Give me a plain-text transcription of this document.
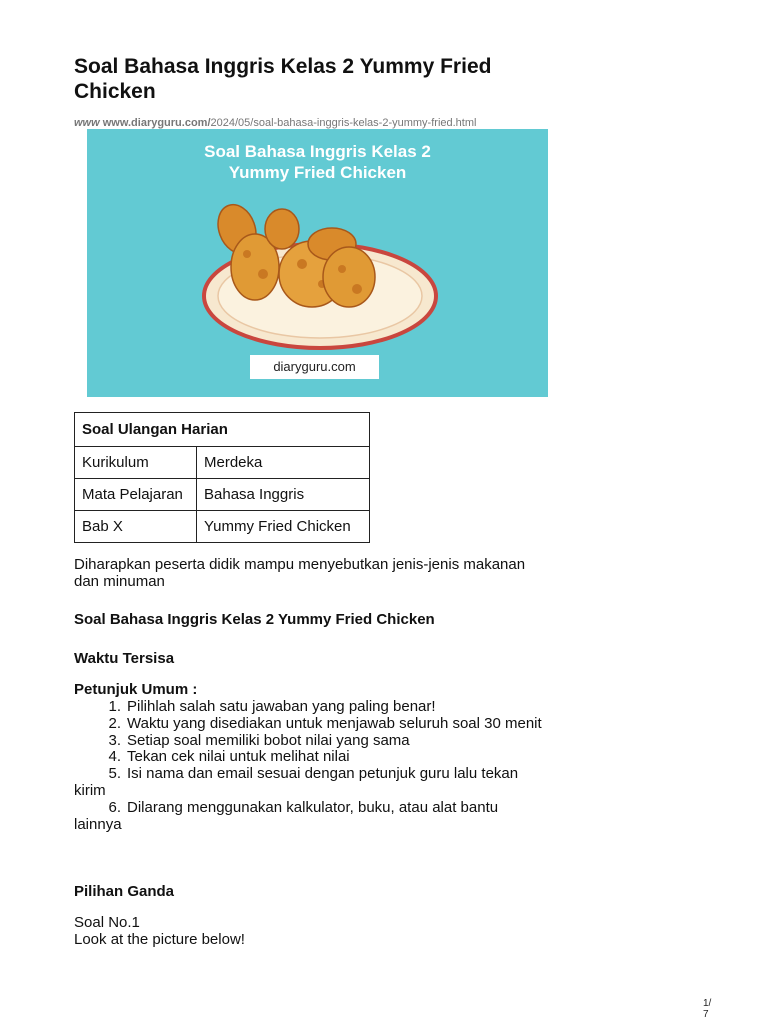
Soal Bahasa Inggris Kelas 2 Yummy Fried Chicken
www www.diaryguru.com/2024/05/soal-bahasa-inggris-kelas-2-yummy-fried.html
Soal Bahasa Inggris Kelas 2
Yummy Fried Chicken
diaryguru.com
Soal Ulangan Harian	
Kurikulum	Merdeka
Mata Pelajaran	Bahasa Inggris
Bab X	Yummy Fried Chicken

Diharapkan peserta didik mampu menyebutkan jenis-jenis makanan dan minuman

Soal Bahasa Inggris Kelas 2 Yummy Fried Chicken

Waktu Tersisa

Petunjuk Umum :

1. Pilihlah salah satu jawaban yang paling benar!
2. Waktu yang disediakan untuk menjawab seluruh soal 30 menit
3. Setiap soal memiliki bobot nilai yang sama
4. Tekan cek nilai untuk melihat nilai
5. Isi nama dan email sesuai dengan petunjuk guru lalu tekan
kirim
6. Dilarang menggunakan kalkulator, buku, atau alat bantu
lainnya

Pilihan Ganda

Soal No.1

Look at the picture below!

1/
7
